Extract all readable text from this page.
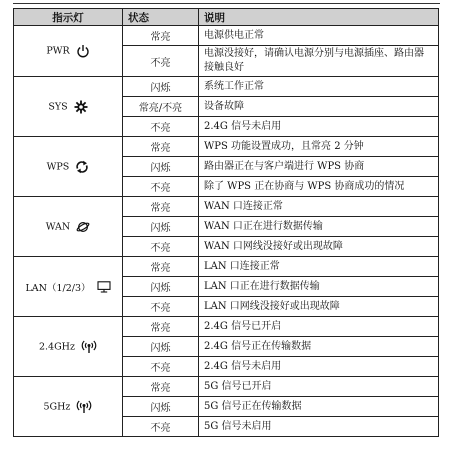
指示灯	状态	说明
PWR	常亮	电源供电正常
	不亮	电源没接好，请确认电源分别与电源插座、路由器接触良好
SYS	闪烁	系统工作正常
	常亮/不亮	设备故障
	不亮	2.4G 信号未启用
WPS	常亮	WPS 功能设置成功，且常亮 2 分钟
	闪烁	路由器正在与客户端进行 WPS 协商
	不亮	除了 WPS 正在协商与 WPS 协商成功的情况
WAN	常亮	WAN 口连接正常
	闪烁	WAN 口正在进行数据传输
	不亮	WAN 口网线没接好或出现故障
LAN（1/2/3）	常亮	LAN 口连接正常
	闪烁	LAN 口正在进行数据传输
	不亮	LAN 口网线没接好或出现故障
2.4GHz	常亮	2.4G 信号已开启
	闪烁	2.4G 信号正在传输数据
	不亮	2.4G 信号未启用
5GHz	常亮	5G 信号已开启
	闪烁	5G 信号正在传输数据
	不亮	5G 信号未启用
